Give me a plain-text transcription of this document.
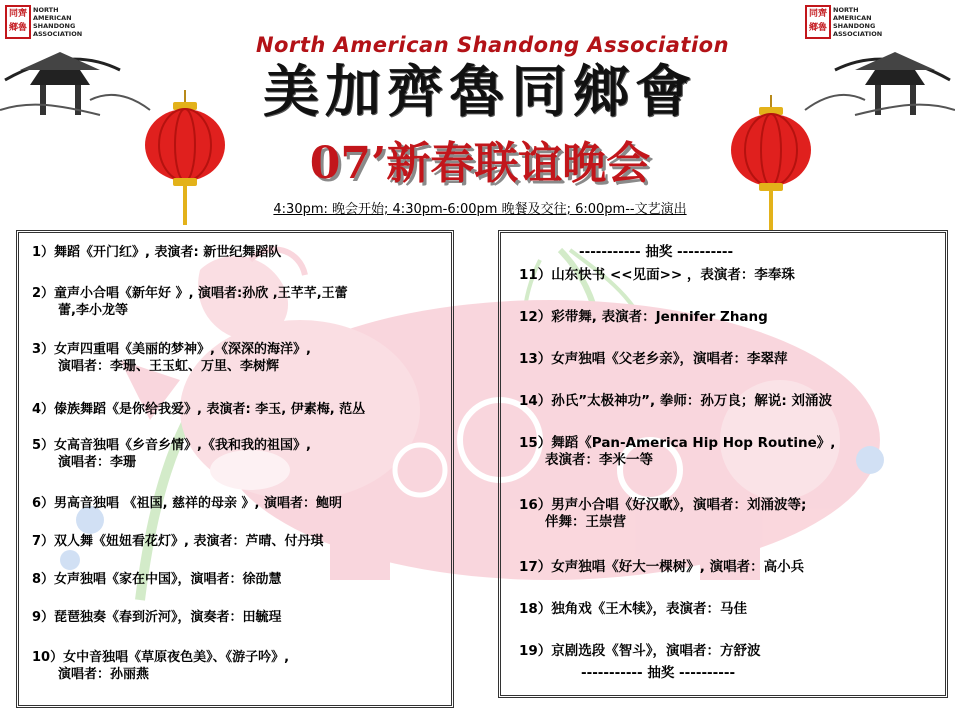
同齊
鄉魯
NORTH
AMERICAN
SHANDONG
ASSOCIATION
同齊
鄉魯
NORTH
AMERICAN
SHANDONG
ASSOCIATION
North American Shandong Association
美加齊魯同鄉會
07’新春联谊晚会
4:30pm: 晚会开始; 4:30pm-6:00pm 晚餐及交往; 6:00pm--文艺演出
1）舞蹈《开门红》, 表演者: 新世纪舞蹈队
2）童声小合唱《新年好 》, 演唱者:孙欣 ,王芊芊,王蕾
蕾,李小龙等
3）女声四重唱《美丽的梦神》,《深深的海洋》,
演唱者：李珊、王玉虹、万里、李树辉
4）傣族舞蹈《是你给我爱》, 表演者: 李玉, 伊素梅, 范丛
5）女高音独唱《乡音乡情》,《我和我的祖国》,
演唱者：李珊
6）男高音独唱 《祖国, 慈祥的母亲 》, 演唱者：鲍明
7）双人舞《妞妞看花灯》, 表演者：芦晴、付丹琪
8）女声独唱《家在中国》，演唱者：徐劭慧
9）琵琶独奏《春到沂河》，演奏者：田毓珵
10）女中音独唱《草原夜色美》、《游子吟》,
演唱者：孙丽燕
----------- 抽奖 ----------
11）山东快书 <<见面>> ，表演者：李奉珠
12）彩带舞, 表演者：Jennifer Zhang
13）女声独唱《父老乡亲》，演唱者：李翠萍
14）孙氏”太极神功”, 拳师：孙万良；解说: 刘涌波
15）舞蹈《Pan-America Hip Hop Routine》,
表演者：李米一等
16）男声小合唱《好汉歌》，演唱者：刘涌波等;
伴舞：王崇营
17）女声独唱《好大一棵树》, 演唱者：高小兵
18）独角戏《王木犊》，表演者：马佳
19）京剧选段《智斗》，演唱者：方舒波
----------- 抽奖 ----------
